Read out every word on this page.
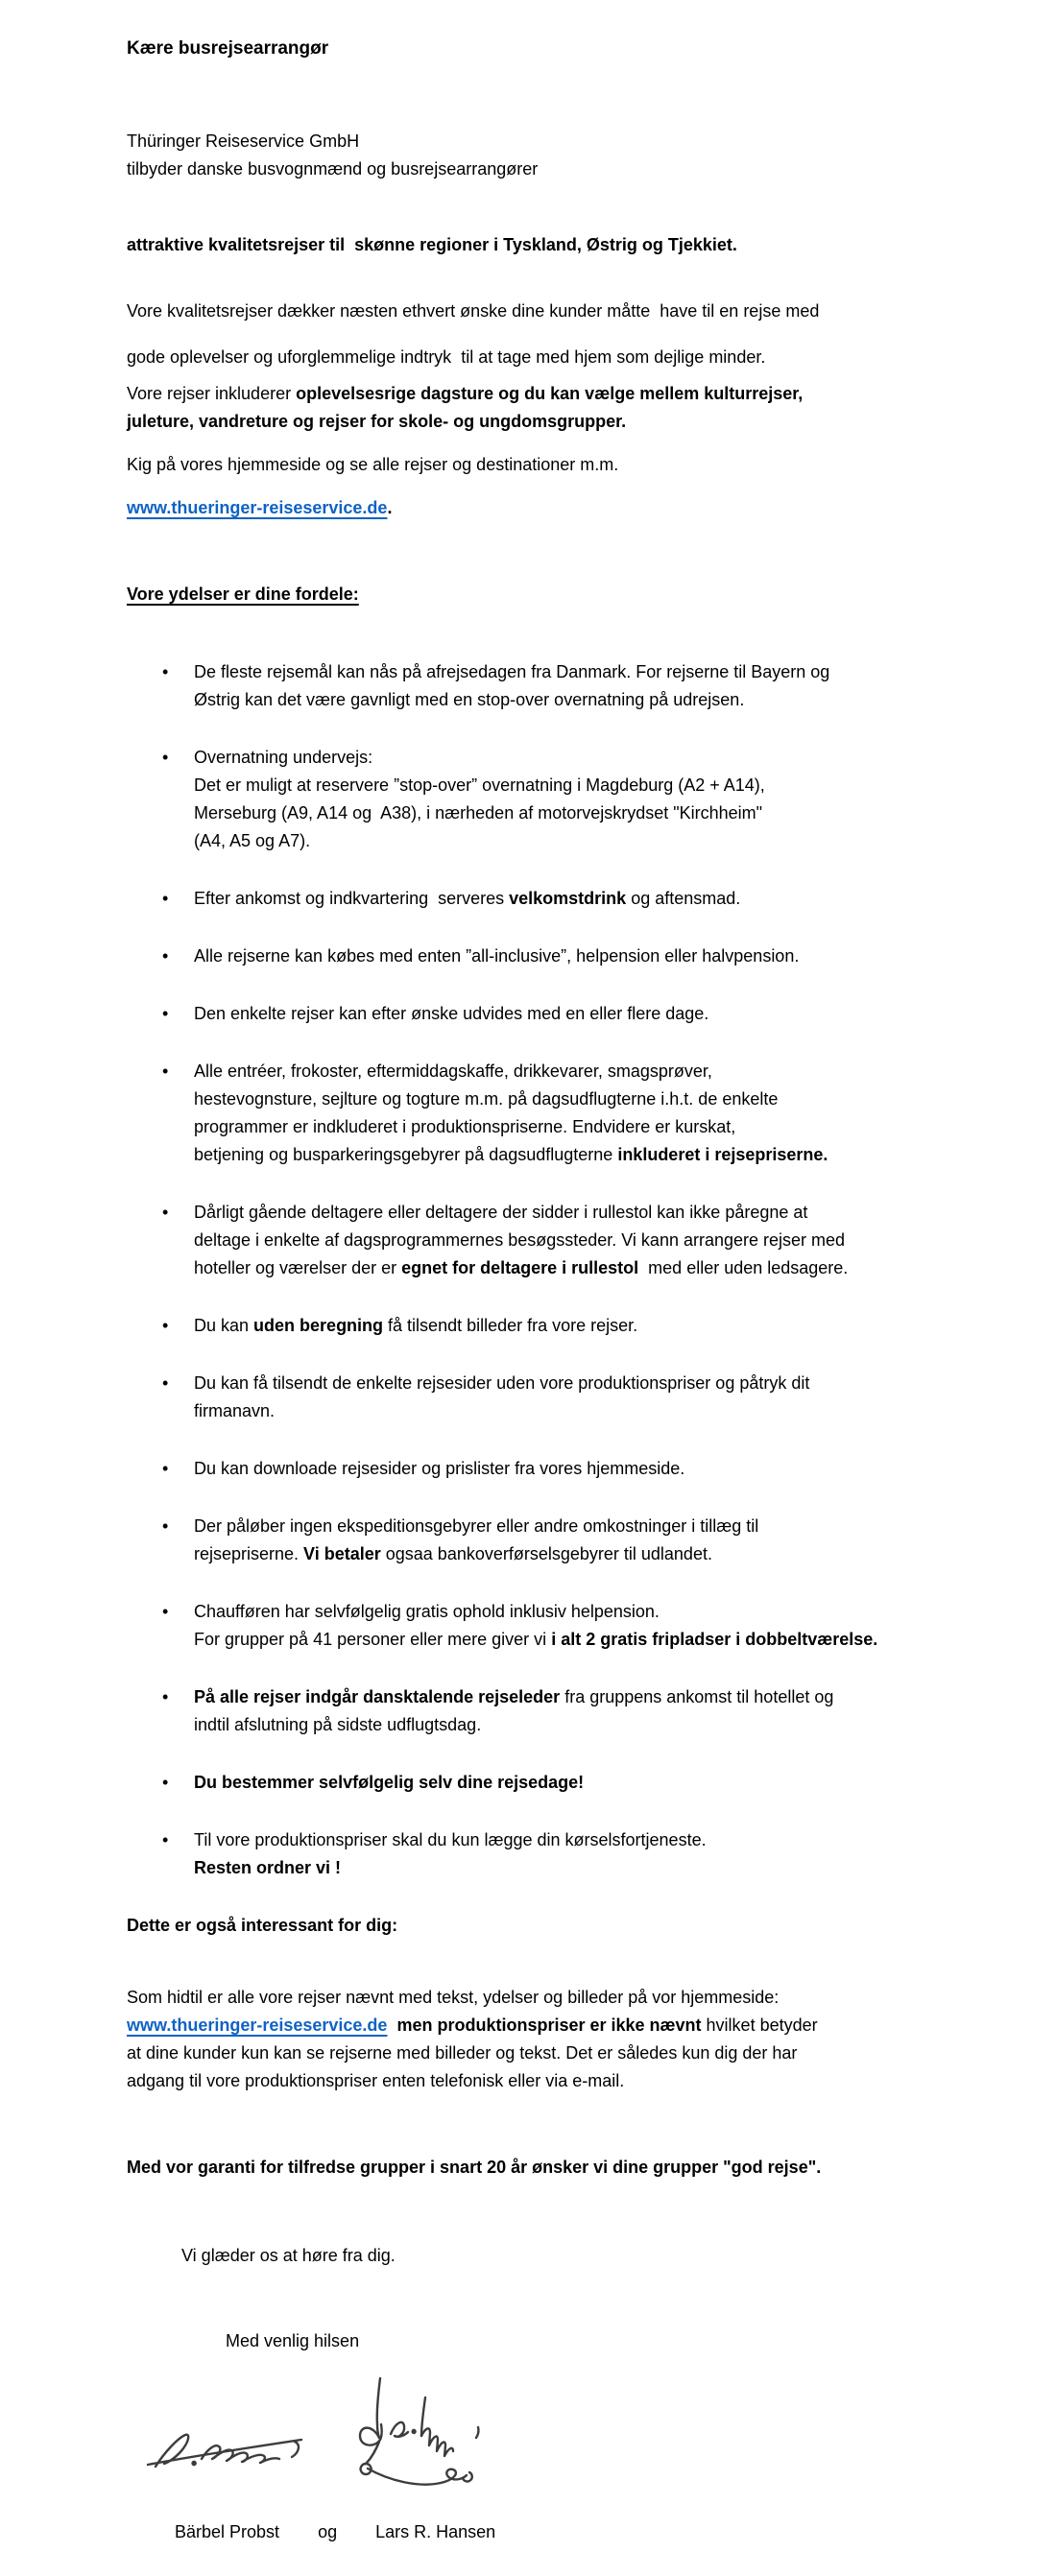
Kære busrejsearrangør
Thüringer Reiseservice GmbH
tilbyder danske busvognmænd og busrejsearrangører
attraktive kvalitetsrejser til  skønne regioner i Tyskland, Østrig og Tjekkiet.
Vore kvalitetsrejser dækker næsten ethvert ønske dine kunder måtte  have til en rejse med
gode oplevelser og uforglemmelige indtryk  til at tage med hjem som dejlige minder.
Vore rejser inkluderer oplevelsesrige dagsture og du kan vælge mellem kulturrejser,
juleture, vandreture og rejser for skole- og ungdomsgrupper.
Kig på vores hjemmeside og se alle rejser og destinationer m.m.
www.thueringer-reiseservice.de.
Vore ydelser er dine fordele:
• De fleste rejsemål kan nås på afrejsedagen fra Danmark. For rejserne til Bayern og
Østrig kan det være gavnligt med en stop-over overnatning på udrejsen.
• Overnatning undervejs:
Det er muligt at reservere ”stop-over” overnatning i Magdeburg (A2 + A14),
Merseburg (A9, A14 og  A38), i nærheden af motorvejskrydset "Kirchheim"
(A4, A5 og A7).
• Efter ankomst og indkvartering  serveres velkomstdrink og aftensmad.
• Alle rejserne kan købes med enten ”all-inclusive”, helpension eller halvpension.
• Den enkelte rejser kan efter ønske udvides med en eller flere dage.
• Alle entréer, frokoster, eftermiddagskaffe, drikkevarer, smagsprøver,
hestevognsture, sejlture og togture m.m. på dagsudflugterne i.h.t. de enkelte
programmer er indkluderet i produktionspriserne. Endvidere er kurskat,
betjening og busparkeringsgebyrer på dagsudflugterne inkluderet i rejsepriserne.
• Dårligt gående deltagere eller deltagere der sidder i rullestol kan ikke påregne at
deltage i enkelte af dagsprogrammernes besøgssteder. Vi kann arrangere rejser med
hoteller og værelser der er egnet for deltagere i rullestol  med eller uden ledsagere.
• Du kan uden beregning få tilsendt billeder fra vore rejser.
• Du kan få tilsendt de enkelte rejsesider uden vore produktionspriser og påtryk dit
firmanavn.
• Du kan downloade rejsesider og prislister fra vores hjemmeside.
• Der påløber ingen ekspeditionsgebyrer eller andre omkostninger i tillæg til
rejsepriserne. Vi betaler ogsaa bankoverførselsgebyrer til udlandet.
• Chaufføren har selvfølgelig gratis ophold inklusiv helpension.
For grupper på 41 personer eller mere giver vi i alt 2 gratis fripladser i dobbeltværelse.
• På alle rejser indgår dansktalende rejseleder fra gruppens ankomst til hotellet og
indtil afslutning på sidste udflugtsdag.
• Du bestemmer selvfølgelig selv dine rejsedage!
• Til vore produktionspriser skal du kun lægge din kørselsfortjeneste.
Resten ordner vi !
Dette er også interessant for dig:
Som hidtil er alle vore rejser nævnt med tekst, ydelser og billeder på vor hjemmeside:
www.thueringer-reiseservice.de  men produktionspriser er ikke nævnt hvilket betyder
at dine kunder kun kan se rejserne med billeder og tekst. Det er således kun dig der har
adgang til vore produktionspriser enten telefonisk eller via e-mail.
Med vor garanti for tilfredse grupper i snart 20 år ønsker vi dine grupper "god rejse".
Vi glæder os at høre fra dig.
Med venlig hilsen
Bärbel Probst og Lars R. Hansen
